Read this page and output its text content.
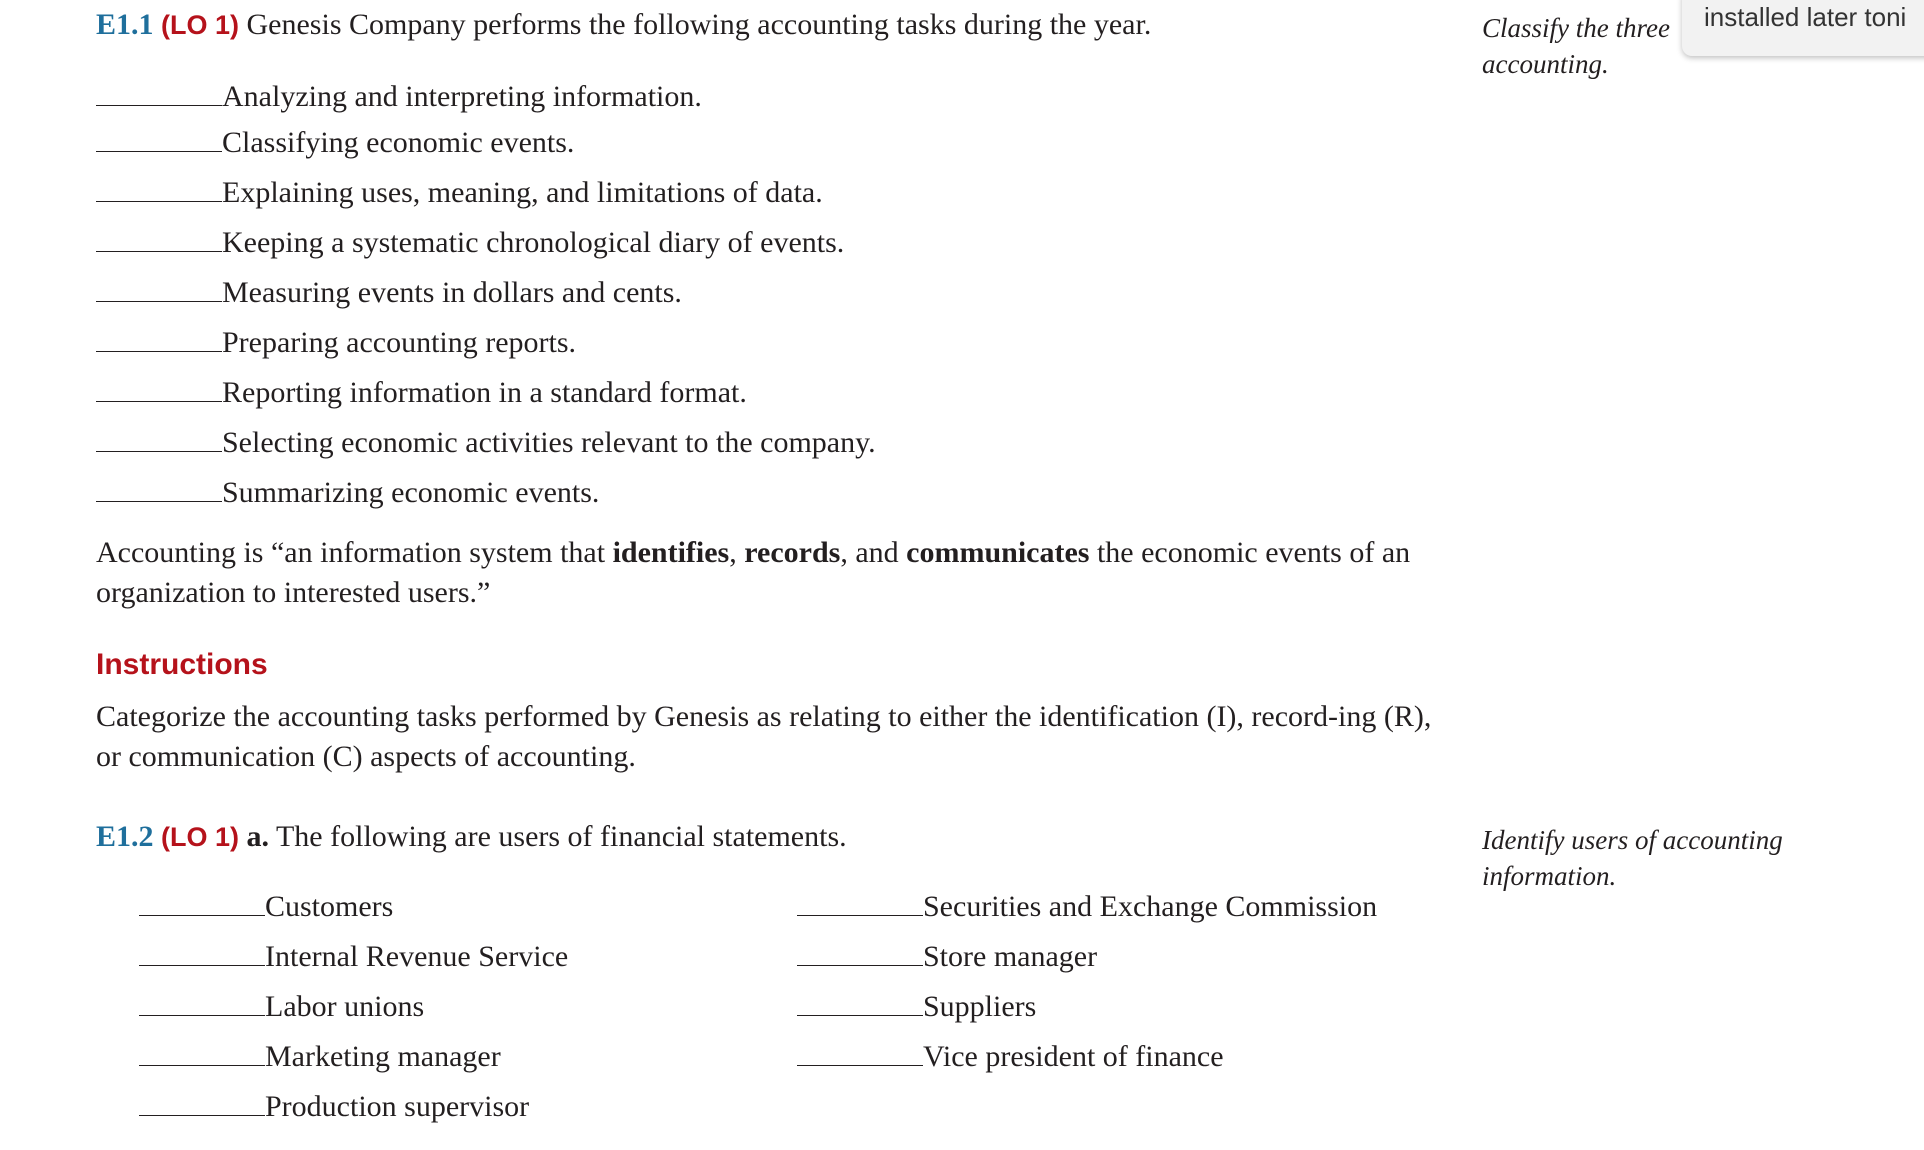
E1.1 (LO 1) Genesis Company performs the following accounting tasks during the year.	Classify the three
accounting.
installed later toni
Analyzing and interpreting information.
Classifying economic events.
Explaining uses, meaning, and limitations of data.
Keeping a systematic chronological diary of events.
Measuring events in dollars and cents.
Preparing accounting reports.
Reporting information in a standard format.
Selecting economic activities relevant to the company.
Summarizing economic events.
Accounting is “an information system that identifies, records, and communicates the economic events of an organization to interested users.”
Instructions
Categorize the accounting tasks performed by Genesis as relating to either the identification (I), record-ing (R), or communication (C) aspects of accounting.
E1.2 (LO 1) a. The following are users of financial statements.	Identify users of accounting
information.
Customers
Internal Revenue Service
Labor unions
Marketing manager
Production supervisor
Securities and Exchange Commission
Store manager
Suppliers
Vice president of finance
